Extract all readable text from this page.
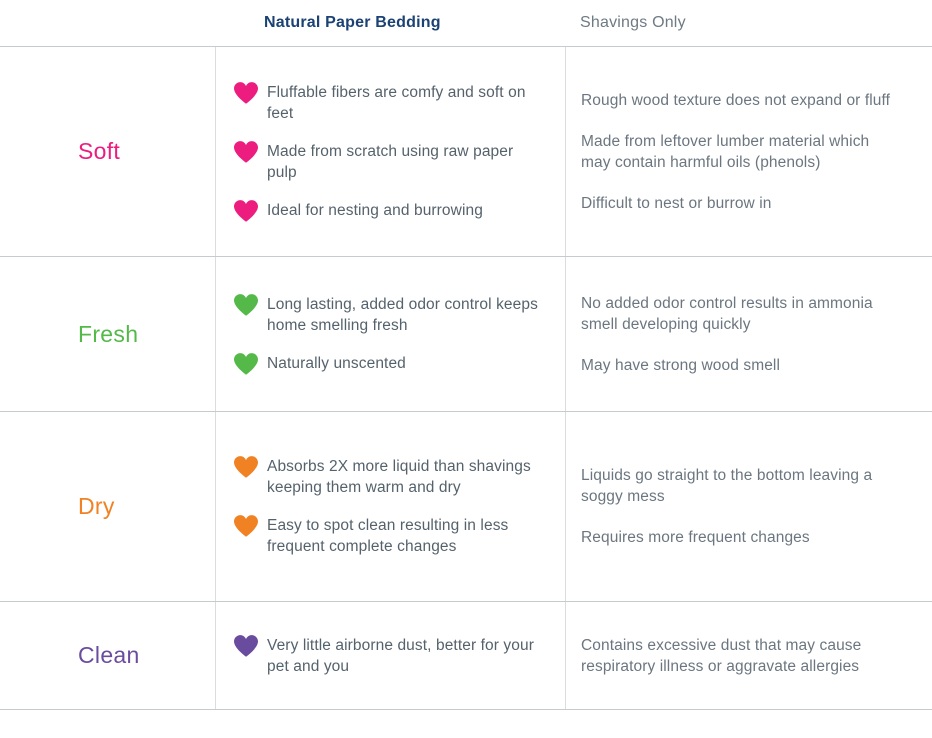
Natural Paper Bedding	Shavings Only
Soft
Fluffable fibers are comfy and soft on feet
Made from scratch using raw paper pulp
Ideal for nesting and burrowing

Rough wood texture does not expand or fluff

Made from leftover lumber material which may contain harmful oils (phenols)

Difficult to nest or burrow in

Fresh
Long lasting, added odor control keeps home smelling fresh
Naturally unscented

No added odor control results in ammonia smell developing quickly

May have strong wood smell

Dry
Absorbs 2X more liquid than shavings keeping them warm and dry
Easy to spot clean resulting in less frequent complete changes

Liquids go straight to the bottom leaving a soggy mess

Requires more frequent changes

Clean	Very little airborne dust, better for your pet and you

Contains excessive dust that may cause respiratory illness or aggravate allergies
